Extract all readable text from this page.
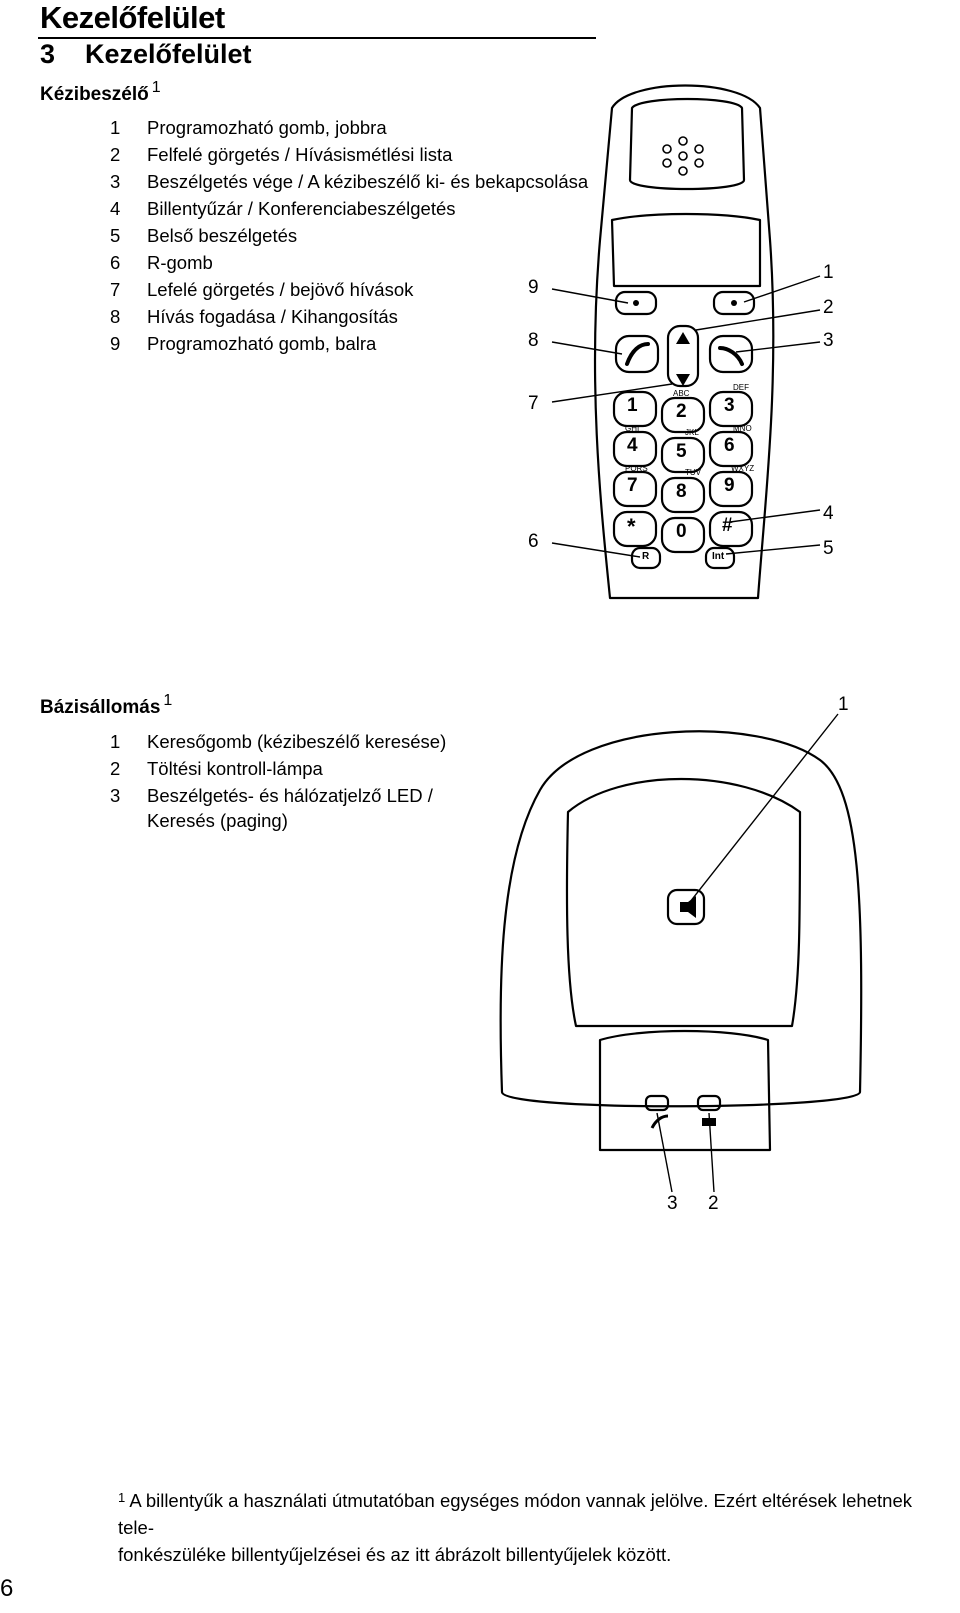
Kezelőfelület
3 Kezelőfelület
Kézibeszélő $^1$
1 Programozható gomb, jobbra
2 Felfelé görgetés / Hívásismétlési lista
3 Beszélgetés vége / A kézibeszélő ki- és bekapcsolása
4 Billentyűzár / Konferenciabeszélgetés
5 Belső beszélgetés
6 R-gomb
7 Lefelé görgetés / bejövő hívások
8 Hívás fogadása / Kihangosítás
9 Programozható gomb, balra
1 2 3
4 5 6
7 8 9
* 0 #
ABC
DEF
GHI	JKL	MNO
PQRS	TUV	WXYZ
R	Int
9
8
7
6
1
2
3
4
5
Bázisállomás $^1$
1 Keresőgomb (kézibeszélő keresése)
2 Töltési kontroll-lámpa
3 Beszélgetés- és hálózatjelző LED /
Keresés (paging)
1
3 2
$^1$ A billentyűk a használati útmutatóban egységes módon vannak jelölve. Ezért eltérések lehetnek tele-
fonkészüléke billentyűjelzései és az itt ábrázolt billentyűjelek között.
6
